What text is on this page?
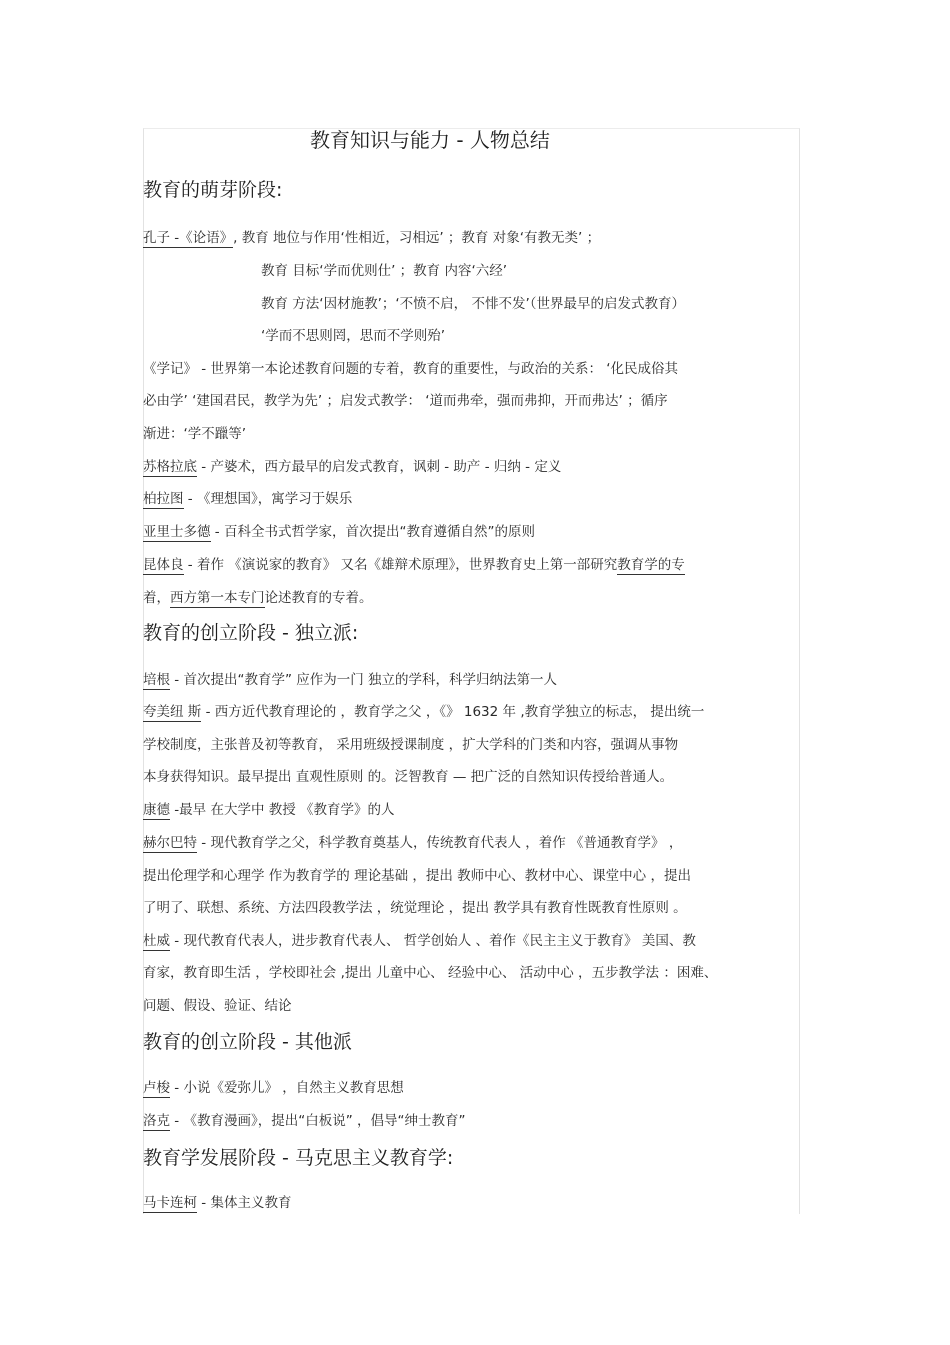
教育知识与能力 - 人物总结
教育的萌芽阶段:
孔子 -《论语》, 教育 地位与作用‘性相近，习相远’ ；教育 对象‘有教无类’ ；
教育 目标‘学而优则仕’ ；教育 内容‘六经’
教育 方法‘因材施教’；‘不愤不启， 不悱不发’（世界最早的启发式教育）
‘学而不思则罔，思而不学则殆’
《学记》 - 世界第一本论述教育问题的专着，教育的重要性，与政治的关系： ‘化民成俗其
必由学’ ‘建国君民，教学为先’ ；启发式教学： ‘道而弗牵，强而弗抑，开而弗达’ ；循序
渐进：‘学不躐等’
苏格拉底 - 产婆术，西方最早的启发式教育，讽刺 - 助产 - 归纳 - 定义
柏拉图 - 《理想国》，寓学习于娱乐
亚里士多德 - 百科全书式哲学家，首次提出“教育遵循自然”的原则
昆体良 - 着作 《演说家的教育》 又名《雄辩术原理》，世界教育史上第一部研究教育学的专
着，西方第一本专门论述教育的专着。
教育的创立阶段 - 独立派:
培根 - 首次提出“教育学” 应作为一门 独立的学科，科学归纳法第一人
夸美纽 斯 - 西方近代教育理论的 ，教育学之父 ，《》 1632 年 ,教育学独立的标志， 提出统一
学校制度，主张普及初等教育， 采用班级授课制度 ，扩大学科的门类和内容，强调从事物
本身获得知识。最早提出 直观性原则 的。泛智教育 — 把广泛的自然知识传授给普通人。
康德 -最早 在大学中 教授 《教育学》的人
赫尔巴特 - 现代教育学之父，科学教育奠基人，传统教育代表人 ，着作 《普通教育学》 ，
提出伦理学和心理学 作为教育学的 理论基础 ，提出 教师中心、教材中心、课堂中心 ，提出
了明了、联想、系统、方法四段教学法 ，统觉理论 ，提出 教学具有教育性既教育性原则 。
杜威 - 现代教育代表人，进步教育代表人、 哲学创始人 、着作《民主主义于教育》 美国、教
育家，教育即生活 ，学校即社会 ,提出 儿童中心、 经验中心、 活动中心 ，五步教学法 ：困难、
问题、假设、验证、结论
教育的创立阶段 - 其他派
卢梭 - 小说《爱弥儿》 ，自然主义教育思想
洛克 - 《教育漫画》，提出“白板说” ，倡导“绅士教育”
教育学发展阶段 - 马克思主义教育学:
马卡连柯 - 集体主义教育
